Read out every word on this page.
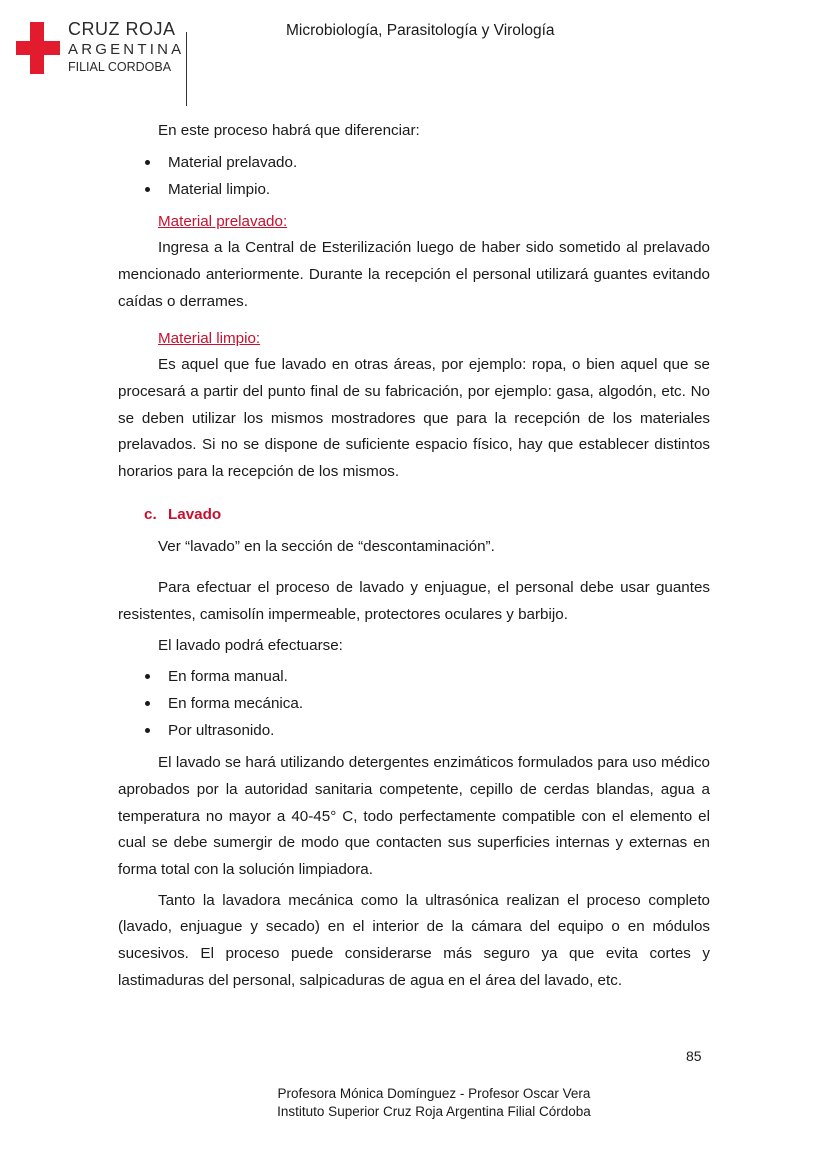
CRUZ ROJA
ARGENTINA
FILIAL CORDOBA
Microbiología, Parasitología y Virología

En este proceso habrá que diferenciar:

Material prelavado.
Material limpio.

Material prelavado:

Ingresa a la Central de Esterilización luego de haber sido sometido al prelavado mencionado anteriormente. Durante la recepción el personal utilizará guantes evitando caídas o derrames.

Material limpio:

Es aquel que fue lavado en otras áreas, por ejemplo: ropa, o bien aquel que se procesará a partir del punto final de su fabricación, por ejemplo: gasa, algodón, etc. No se deben utilizar los mismos mostradores que para la recepción de los materiales prelavados. Si no se dispone de suficiente espacio físico, hay que establecer distintos horarios para la recepción de los mismos.

c. Lavado

Ver “lavado” en la sección de “descontaminación”.

Para efectuar el proceso de lavado y enjuague, el personal debe usar guantes resistentes, camisolín impermeable, protectores oculares y barbijo.

El lavado podrá efectuarse:

En forma manual.
En forma mecánica.
Por ultrasonido.

El lavado se hará utilizando detergentes enzimáticos formulados para uso médico aprobados por la autoridad sanitaria competente, cepillo de cerdas blandas, agua a temperatura no mayor a 40-45° C, todo perfectamente compatible con el elemento el cual se debe sumergir de modo que contacten sus superficies internas y externas en forma total con la solución limpiadora.

Tanto la lavadora mecánica como la ultrasónica realizan el proceso completo (lavado, enjuague y secado) en el interior de la cámara del equipo o en módulos sucesivos. El proceso puede considerarse más seguro ya que evita cortes y lastimaduras del personal, salpicaduras de agua en el área del lavado, etc.

85
Profesora Mónica Domínguez - Profesor Oscar Vera
Instituto Superior Cruz Roja Argentina Filial Córdoba
